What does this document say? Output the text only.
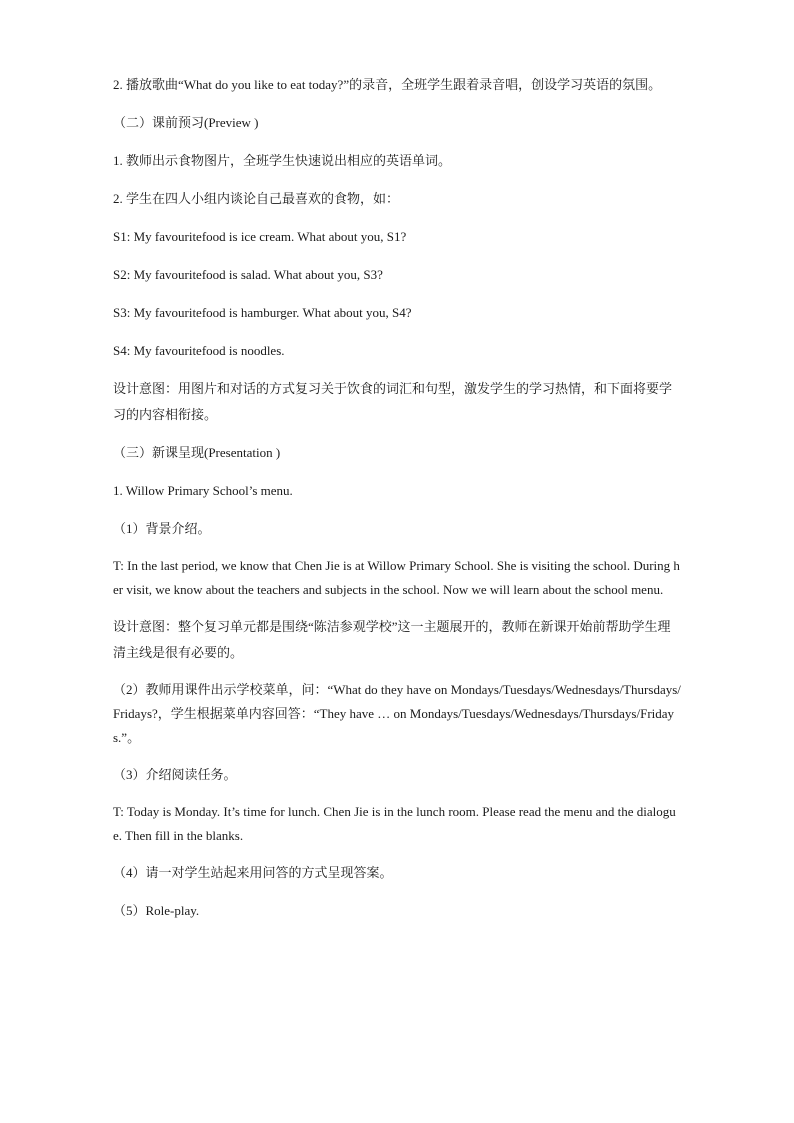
2. 播放歌曲“What do you like to eat today?”的录音，全班学生跟着录音唱，创设学习英语的氛围。

（二）课前预习(Preview )

1. 教师出示食物图片，全班学生快速说出相应的英语单词。

2. 学生在四人小组内谈论自己最喜欢的食物，如：

S1: My favouritefood is ice cream. What about you, S1?

S2: My favouritefood is salad. What about you, S3?

S3: My favouritefood is hamburger. What about you, S4?

S4: My favouritefood is noodles.

设计意图：用图片和对话的方式复习关于饮食的词汇和句型，激发学生的学习热情，和下面将要学习的内容相衔接。

（三）新课呈现(Presentation )

1. Willow Primary School’s menu.

（1）背景介绍。

T: In the last period, we know that Chen Jie is at Willow Primary School. She is visiting the school. During her visit, we know about the teachers and subjects in the school. Now we will learn about the school menu.

设计意图：整个复习单元都是围绕“陈洁参观学校”这一主题展开的，教师在新课开始前帮助学生理清主线是很有必要的。

（2）教师用课件出示学校菜单，问：“What do they have on Mondays/Tuesdays/Wednesdays/Thursdays/Fridays?，学生根据菜单内容回答：“They have … on Mondays/Tuesdays/Wednesdays/Thursdays/Fridays.”。

（3）介绍阅读任务。

T: Today is Monday. It’s time for lunch. Chen Jie is in the lunch room. Please read the menu and the dialogue. Then fill in the blanks.

（4）请一对学生站起来用问答的方式呈现答案。

（5）Role-play.
